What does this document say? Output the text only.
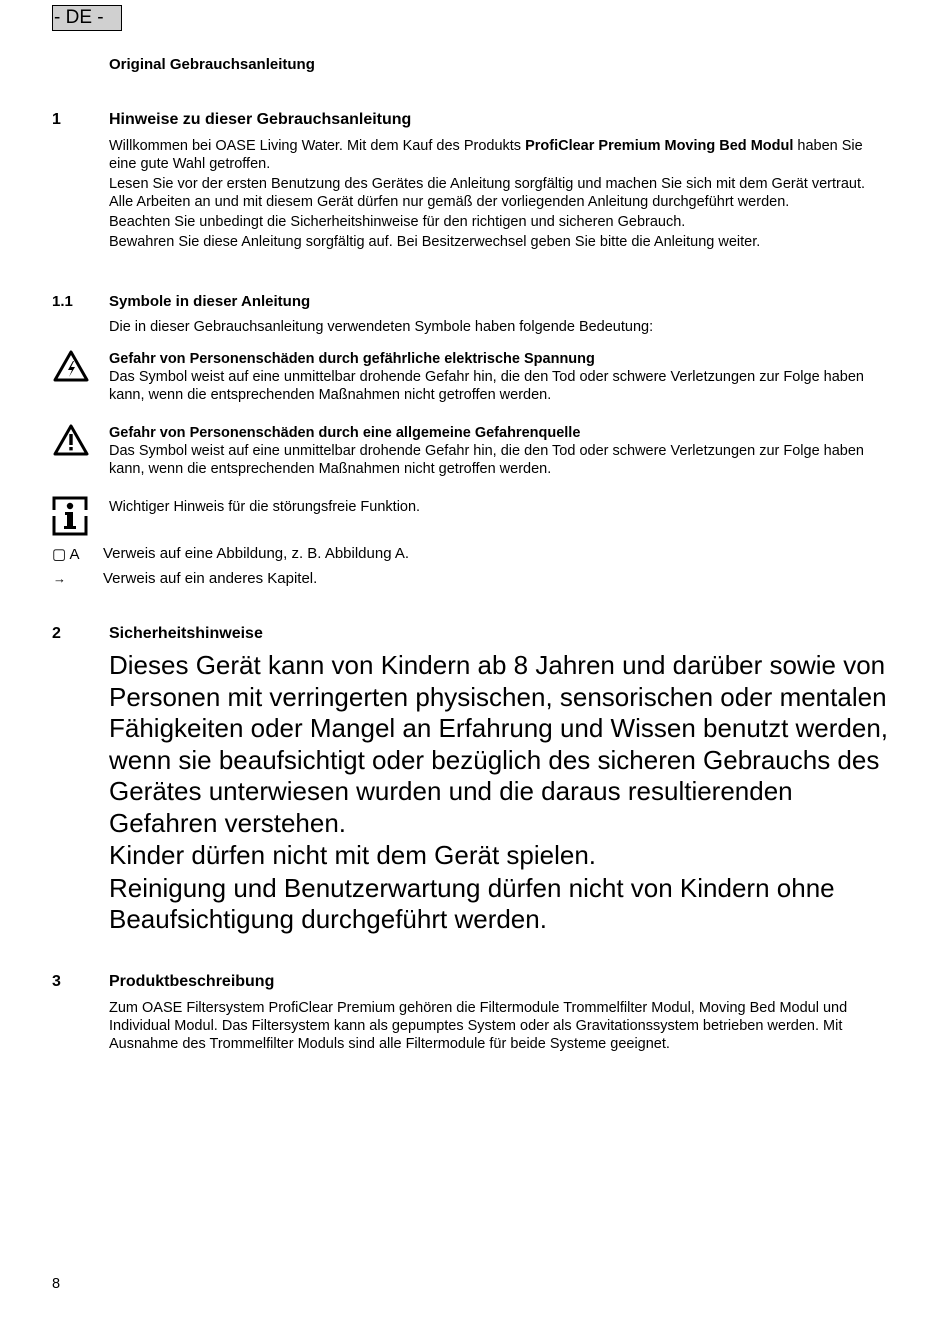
- DE -
Original Gebrauchsanleitung
1	Hinweise zu dieser Gebrauchsanleitung

Willkommen bei OASE Living Water. Mit dem Kauf des Produkts ProfiClear Premium Moving Bed Modul haben Sie eine gute Wahl getroffen.

Lesen Sie vor der ersten Benutzung des Gerätes die Anleitung sorgfältig und machen Sie sich mit dem Gerät vertraut. Alle Arbeiten an und mit diesem Gerät dürfen nur gemäß der vorliegenden Anleitung durchgeführt werden.

Beachten Sie unbedingt die Sicherheitshinweise für den richtigen und sicheren Gebrauch.

Bewahren Sie diese Anleitung sorgfältig auf. Bei Besitzerwechsel geben Sie bitte die Anleitung weiter.

1.1 Symbole in dieser Anleitung
Die in dieser Gebrauchsanleitung verwendeten Symbole haben folgende Bedeutung:
Gefahr von Personenschäden durch gefährliche elektrische Spannung
Das Symbol weist auf eine unmittelbar drohende Gefahr hin, die den Tod oder schwere Verletzungen zur Folge haben kann, wenn die entsprechenden Maßnahmen nicht getroffen werden.
Gefahr von Personenschäden durch eine allgemeine Gefahrenquelle
Das Symbol weist auf eine unmittelbar drohende Gefahr hin, die den Tod oder schwere Verletzungen zur Folge haben kann, wenn die entsprechenden Maßnahmen nicht getroffen werden.
Wichtiger Hinweis für die störungsfreie Funktion.
▢ A Verweis auf eine Abbildung, z. B. Abbildung A.
→ Verweis auf ein anderes Kapitel.
2	Sicherheitshinweise

Dieses Gerät kann von Kindern ab 8 Jahren und darüber sowie von Personen mit verringerten physischen, sensorischen oder mentalen Fähigkeiten oder Mangel an Erfahrung und Wissen benutzt werden, wenn sie beaufsichtigt oder bezüglich des sicheren Gebrauchs des Gerätes unterwiesen wurden und die daraus resultierenden Gefahren verstehen.

Kinder dürfen nicht mit dem Gerät spielen.

Reinigung und Benutzerwartung dürfen nicht von Kindern ohne Beaufsichtigung durchgeführt werden.

3	Produktbeschreibung
Zum OASE Filtersystem ProfiClear Premium gehören die Filtermodule Trommelfilter Modul, Moving Bed Modul und Individual Modul. Das Filtersystem kann als gepumptes System oder als Gravitationssystem betrieben werden. Mit Ausnahme des Trommelfilter Moduls sind alle Filtermodule für beide Systeme geeignet.
8
